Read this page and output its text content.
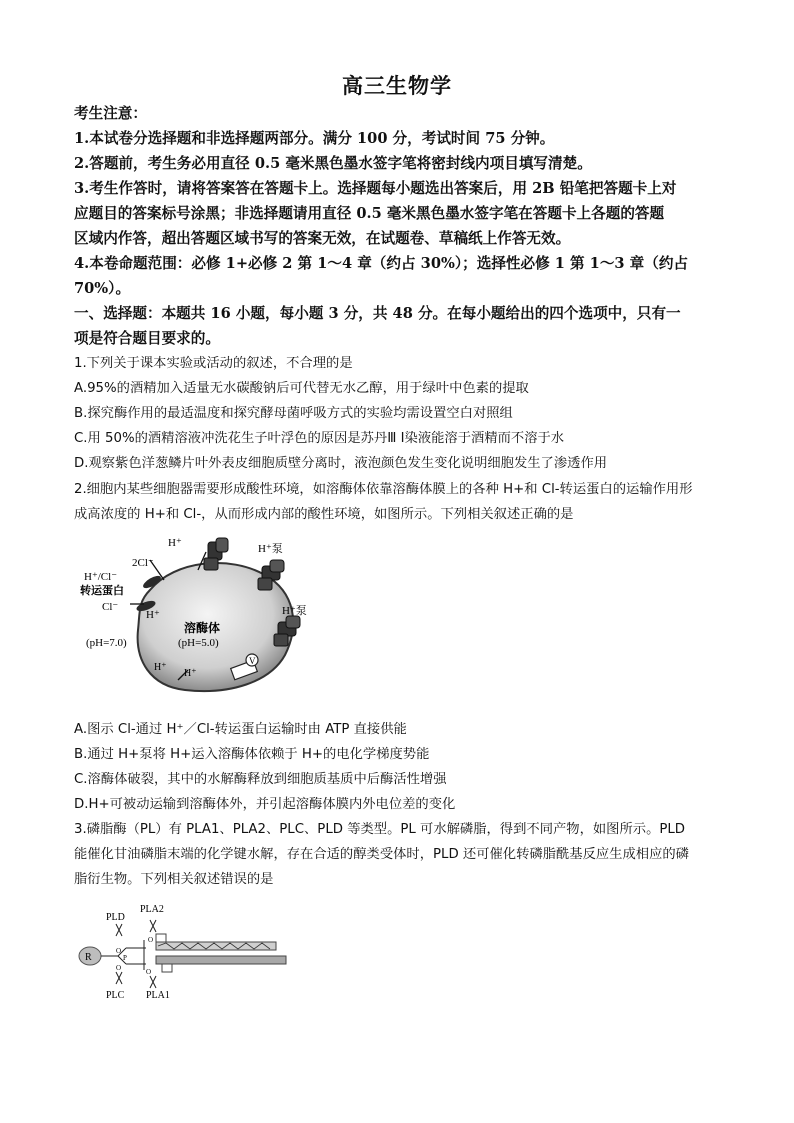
高三生物学
考生注意：
1.本试卷分选择题和非选择题两部分。满分 100 分，考试时间 75 分钟。
2.答题前，考生务必用直径 0.5 毫米黑色墨水签字笔将密封线内项目填写清楚。
3.考生作答时，请将答案答在答题卡上。选择题每小题选出答案后，用 2B 铅笔把答题卡上对
应题目的答案标号涂黑；非选择题请用直径 0.5 毫米黑色墨水签字笔在答题卡上各题的答题
区域内作答，超出答题区域书写的答案无效，在试题卷、草稿纸上作答无效。
4.本卷命题范围：必修 1+必修 2 第 1～4 章（约占 30%）；选择性必修 1 第 1～3 章（约占
70%）。
一、选择题：本题共 16 小题，每小题 3 分，共 48 分。在每小题给出的四个选项中，只有一
项是符合题目要求的。
1.下列关于课本实验或活动的叙述，不合理的是
A.95%的酒精加入适量无水碳酸钠后可代替无水乙醇，用于绿叶中色素的提取
B.探究酶作用的最适温度和探究酵母菌呼吸方式的实验均需设置空白对照组
C.用 50%的酒精溶液冲洗花生子叶浮色的原因是苏丹Ⅲ Ⅰ染液能溶于酒精而不溶于水
D.观察紫色洋葱鳞片叶外表皮细胞质壁分离时，液泡颜色发生变化说明细胞发生了渗透作用
2.细胞内某些细胞器需要形成酸性环境，如溶酶体依靠溶酶体膜上的各种 H+和 Cl-转运蛋白的运输作用形
成高浓度的 H+和 Cl-，从而形成内部的酸性环境，如图所示。下列相关叙述正确的是
H⁺	H⁺泵
2Cl⁻
H⁺/Cl⁻
转运蛋白
Cl⁻
H⁺	H⁺泵
溶酶体
(pH=5.0)
(pH=7.0)
H⁺
H⁺
V
A.图示 Cl-通过 H⁺／Cl-转运蛋白运输时由 ATP 直接供能
B.通过 H+泵将 H+运入溶酶体依赖于 H+的电化学梯度势能
C.溶酶体破裂，其中的水解酶释放到细胞质基质中后酶活性增强
D.H+可被动运输到溶酶体外，并引起溶酶体膜内外电位差的变化
3.磷脂酶（PL）有 PLA1、PLA2、PLC、PLD 等类型。PL 可水解磷脂，得到不同产物，如图所示。PLD
能催化甘油磷脂末端的化学键水解，存在合适的醇类受体时，PLD 还可催化转磷脂酰基反应生成相应的磷
脂衍生物。下列相关叙述错误的是
R
O
P
O
O
O
PLD
PLA2
PLC PLA1
